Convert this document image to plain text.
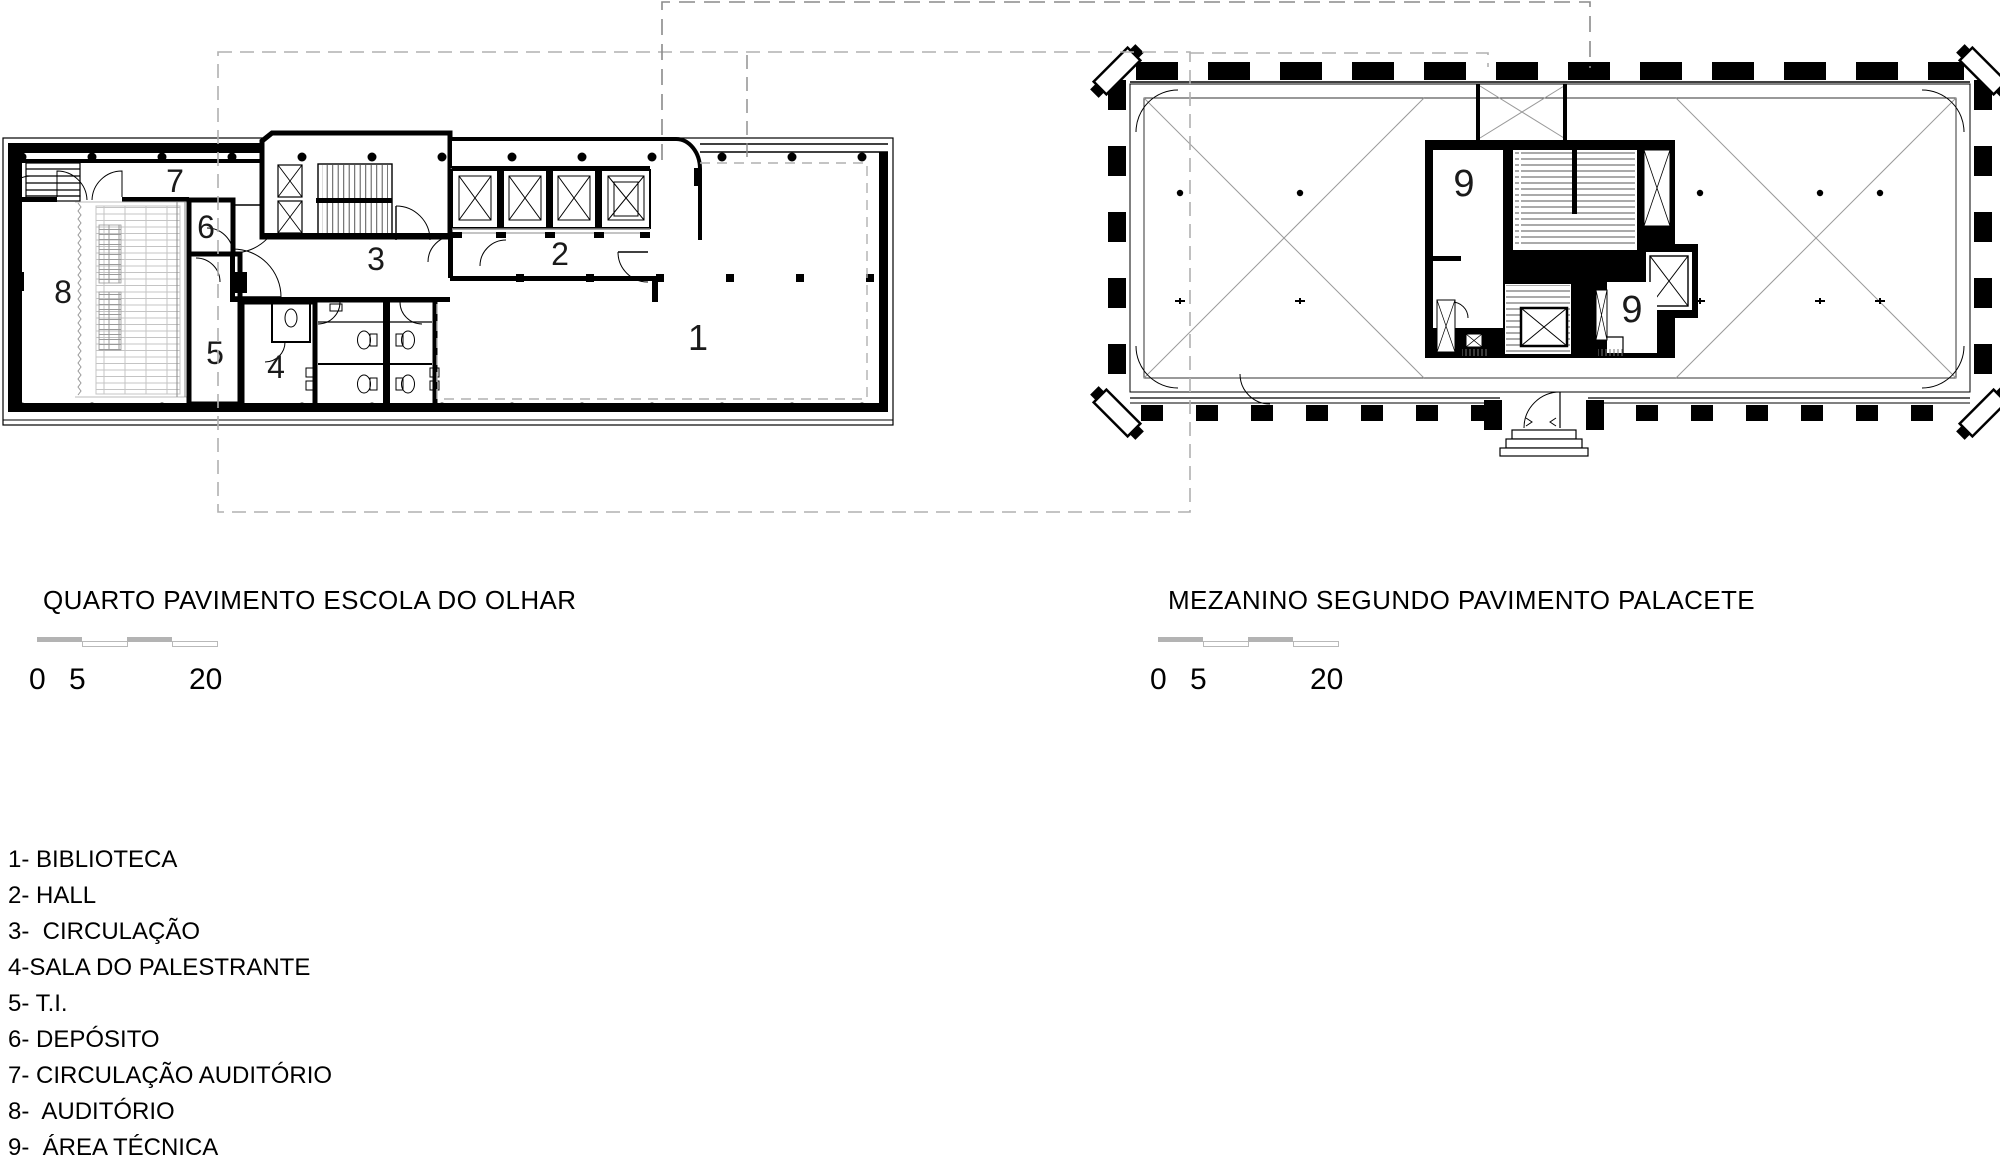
1
2
3
4
5
6
7
8
9
9
QUARTO PAVIMENTO ESCOLA DO OLHAR	MEZANINO SEGUNDO PAVIMENTO PALACETE
0 5	20	0 5	20
1- BIBLIOTECA
2- HALL
3-  CIRCULAÇÃO
4-SALA DO PALESTRANTE
5- T.I.
6- DEPÓSITO
7- CIRCULAÇÃO AUDITÓRIO
8-  AUDITÓRIO
9-  ÁREA TÉCNICA
